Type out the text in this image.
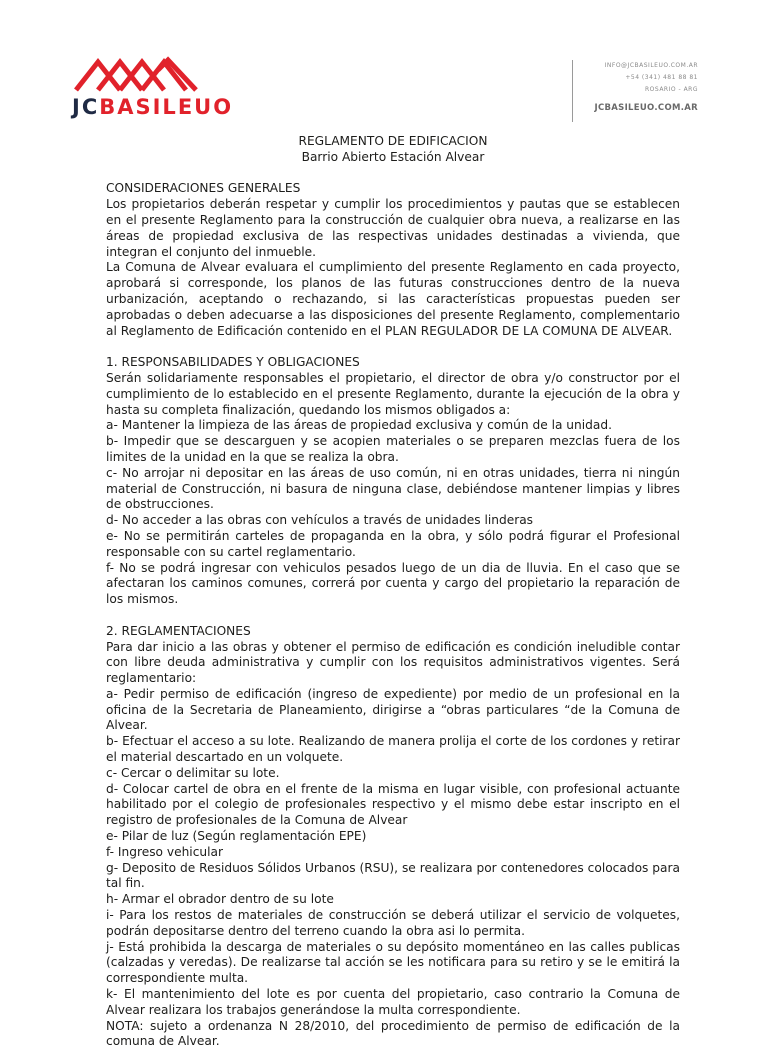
JCBASILEUO
INFO@JCBASILEUO.COM.AR
+54 (341) 481 88 81
ROSARIO - ARG
JCBASILEUO.COM.AR

REGLAMENTO DE EDIFICACION

Barrio Abierto Estación Alvear

CONSIDERACIONES GENERALES

Los propietarios deberán respetar y cumplir los procedimientos y pautas que se establecen en el presente Reglamento para la construcción de cualquier obra nueva, a realizarse en las áreas de propiedad exclusiva de las respectivas unidades destinadas a vivienda, que integran el conjunto del inmueble.

La Comuna de Alvear evaluara el cumplimiento del presente Reglamento en cada proyecto, aprobará si corresponde, los planos de las futuras construcciones dentro de la nueva urbanización, aceptando o rechazando, si las características propuestas pueden ser aprobadas o deben adecuarse a las disposiciones del presente Reglamento, complementario al Reglamento de Edificación contenido en el PLAN REGULADOR DE LA COMUNA DE ALVEAR.

1. RESPONSABILIDADES Y OBLIGACIONES

Serán solidariamente responsables el propietario, el director de obra y/o constructor por el cumplimiento de lo establecido en el presente Reglamento, durante la ejecución de la obra y hasta su completa finalización, quedando los mismos obligados a:

a- Mantener la limpieza de las áreas de propiedad exclusiva y común de la unidad.

b- Impedir que se descarguen y se acopien materiales o se preparen mezclas fuera de los limites de la unidad en la que se realiza la obra.

c- No arrojar ni depositar en las áreas de uso común, ni en otras unidades, tierra ni ningún material de Construcción, ni basura de ninguna clase, debiéndose mantener limpias y libres de obstrucciones.

d- No acceder a las obras con vehículos a través de unidades linderas

e- No se permitirán carteles de propaganda en la obra, y sólo podrá figurar el Profesional responsable con su cartel reglamentario.

f- No se podrá ingresar con vehiculos pesados luego de un dia de lluvia. En el caso que se afectaran los caminos comunes, correrá por cuenta y cargo del propietario la reparación de los mismos.

2. REGLAMENTACIONES

Para dar inicio a las obras y obtener el permiso de edificación es condición ineludible contar con libre deuda administrativa y cumplir con los requisitos administrativos vigentes. Será reglamentario:

a- Pedir permiso de edificación (ingreso de expediente) por medio de un profesional en la oficina de la Secretaria de Planeamiento, dirigirse a “obras particulares “de la Comuna de Alvear.

b- Efectuar el acceso a su lote. Realizando de manera prolija el corte de los cordones y retirar el material descartado en un volquete.

c- Cercar o delimitar su lote.

d- Colocar cartel de obra en el frente de la misma en lugar visible, con profesional actuante habilitado por el colegio de profesionales respectivo y el mismo debe estar inscripto en el registro de profesionales de la Comuna de Alvear

e- Pilar de luz (Según reglamentación EPE)

f- Ingreso vehicular

g- Deposito de Residuos Sólidos Urbanos (RSU), se realizara por contenedores colocados para tal fin.

h- Armar el obrador dentro de su lote

i- Para los restos de materiales de construcción se deberá utilizar el servicio de volquetes, podrán depositarse dentro del terreno cuando la obra asi lo permita.

j- Está prohibida la descarga de materiales o su depósito momentáneo en las calles publicas (calzadas y veredas). De realizarse tal acción se les notificara para su retiro y se le emitirá la correspondiente multa.

k- El mantenimiento del lote es por cuenta del propietario, caso contrario la Comuna de Alvear realizara los trabajos generándose la multa correspondiente.

NOTA: sujeto a ordenanza N 28/2010, del procedimiento de permiso de edificación de la comuna de Alvear.
